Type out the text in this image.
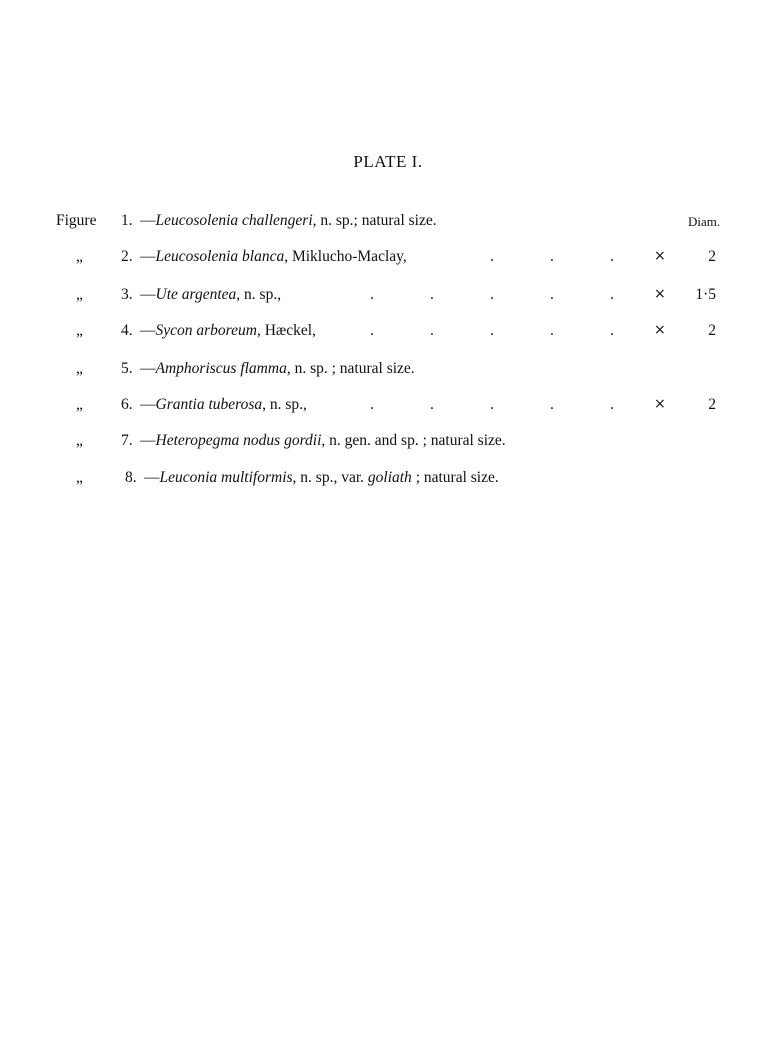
PLATE I.
Figure 1. —Leucosolenia challengeri, n. sp.; natural size.	Diam.
„ 2. —Leucosolenia blanca, Miklucho-Maclay,	.	.	.	×	2
„ 3. —Ute argentea, n. sp.,	.	.	.	.	.	× 1·5
„ 4. —Sycon arboreum, Hæckel,	.	.	.	.	.	×	2
„ 5. —Amphoriscus flamma, n. sp. ; natural size.
„ 6. —Grantia tuberosa, n. sp.,	.	.	.	.	.	×	2
„ 7. —Heteropegma nodus gordii, n. gen. and sp. ; natural size.
„	8. —Leuconia multiformis, n. sp., var. goliath ; natural size.
